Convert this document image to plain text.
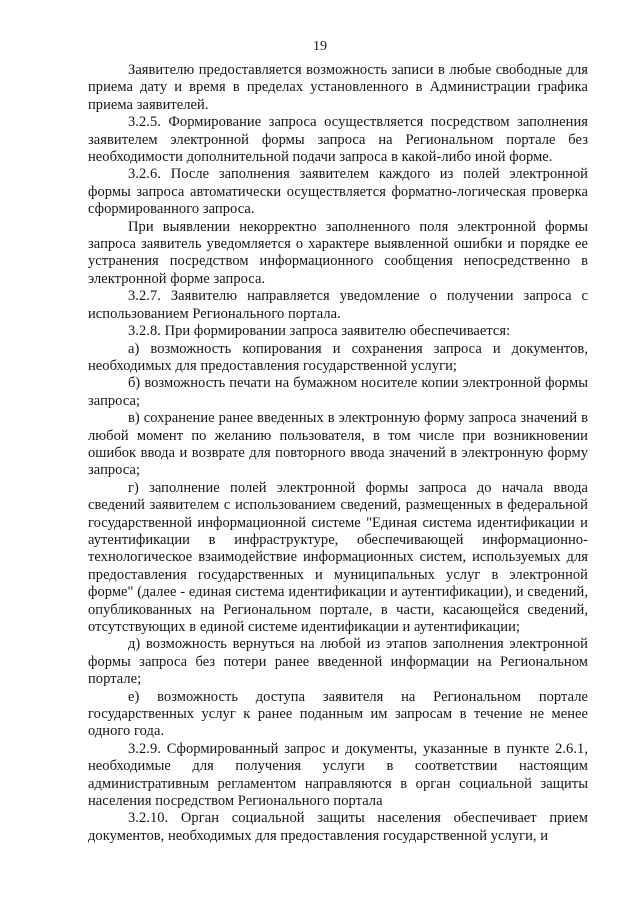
19

Заявителю предоставляется возможность записи в любые свободные для приема дату и время в пределах установленного в Администрации графика приема заявителей.

3.2.5. Формирование запроса осуществляется посредством заполнения заявителем электронной формы запроса на Региональном портале без необходимости дополнительной подачи запроса в какой-либо иной форме.

3.2.6. После заполнения заявителем каждого из полей электронной формы запроса автоматически осуществляется форматно-логическая проверка сформированного запроса.

При выявлении некорректно заполненного поля электронной формы запроса заявитель уведомляется о характере выявленной ошибки и порядке ее устранения посредством информационного сообщения непосредственно в электронной форме запроса.

3.2.7. Заявителю направляется уведомление о получении запроса с использованием Регионального портала.

3.2.8. При формировании запроса заявителю обеспечивается:

а) возможность копирования и сохранения запроса и документов, необходимых для предоставления государственной услуги;

б) возможность печати на бумажном носителе копии электронной формы запроса;

в) сохранение ранее введенных в электронную форму запроса значений в любой момент по желанию пользователя, в том числе при возникновении ошибок ввода и возврате для повторного ввода значений в электронную форму запроса;

г) заполнение полей электронной формы запроса до начала ввода сведений заявителем с использованием сведений, размещенных в федеральной государственной информационной системе "Единая система идентификации и аутентификации в инфраструктуре, обеспечивающей информационно-технологическое взаимодействие информационных систем, используемых для предоставления государственных и муниципальных услуг в электронной форме" (далее - единая система идентификации и аутентификации), и сведений, опубликованных на Региональном портале, в части, касающейся сведений, отсутствующих в единой системе идентификации и аутентификации;

д) возможность вернуться на любой из этапов заполнения электронной формы запроса без потери ранее введенной информации на Региональном портале;

е) возможность доступа заявителя на Региональном портале государственных услуг к ранее поданным им запросам в течение не менее одного года.

3.2.9. Сформированный запрос и документы, указанные в пункте 2.6.1, необходимые для получения услуги в соответствии настоящим административным регламентом направляются в орган социальной защиты населения посредством Регионального портала

3.2.10. Орган социальной защиты населения обеспечивает прием документов, необходимых для предоставления государственной услуги, и
